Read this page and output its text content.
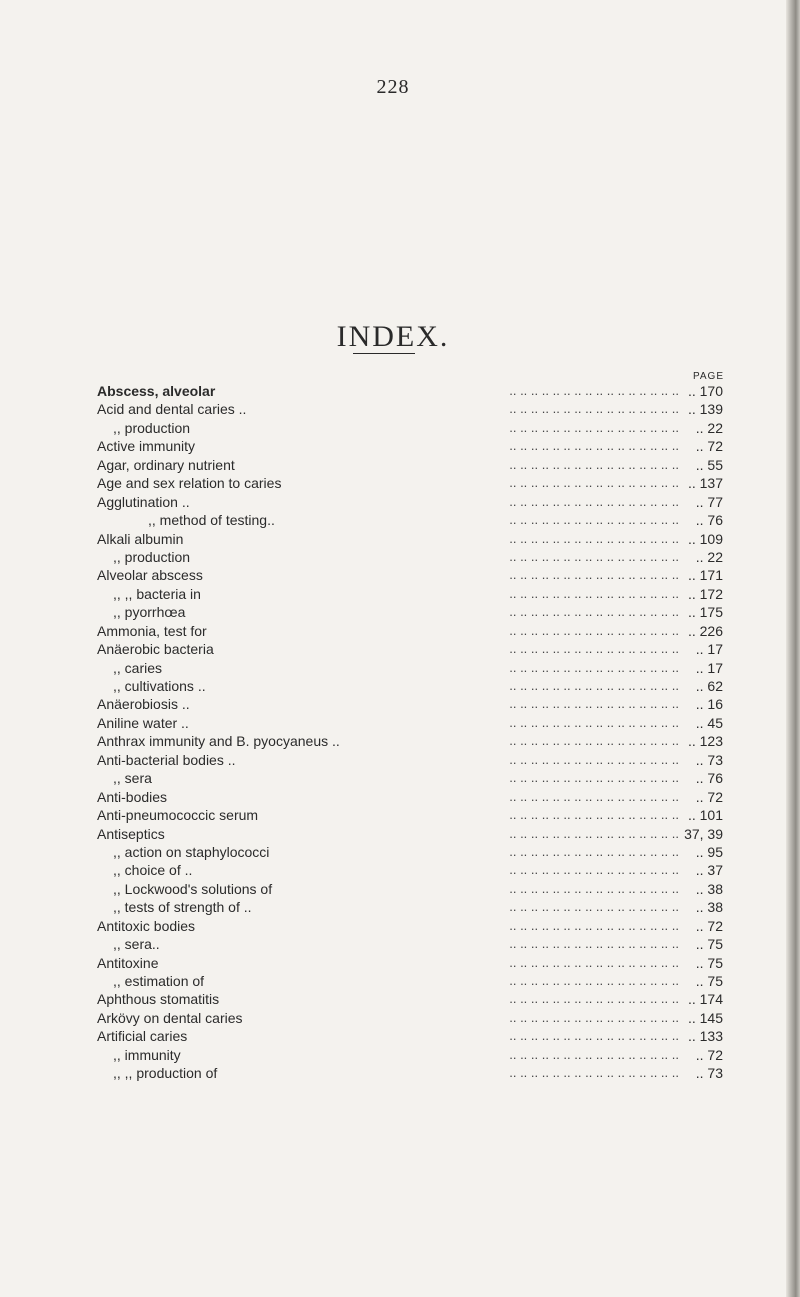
228
INDEX.
PAGE
.. .. .. .. .. .. .. .. .. .. .. .. .. .. .. ..
Abscess, alveolar	.. 170
.. .. .. .. .. .. .. .. .. .. .. .. .. .. .. ..
Acid and dental caries ..	.. 139
.. .. .. .. .. .. .. .. .. .. .. .. .. .. .. ..
,, production	.. 22
.. .. .. .. .. .. .. .. .. .. .. .. .. .. .. ..
Active immunity	.. 72
.. .. .. .. .. .. .. .. .. .. .. .. .. .. .. ..
Agar, ordinary nutrient	.. 55
.. .. .. .. .. .. .. .. .. .. .. .. .. .. .. ..
Age and sex relation to caries	.. 137
.. .. .. .. .. .. .. .. .. .. .. .. .. .. .. ..
Agglutination ..	.. 77
.. .. .. .. .. .. .. .. .. .. .. .. .. .. .. ..
,, method of testing..	.. 76
.. .. .. .. .. .. .. .. .. .. .. .. .. .. .. ..
Alkali albumin	.. 109
.. .. .. .. .. .. .. .. .. .. .. .. .. .. .. ..
,, production	.. 22
.. .. .. .. .. .. .. .. .. .. .. .. .. .. .. ..
Alveolar abscess	.. 171
.. .. .. .. .. .. .. .. .. .. .. .. .. .. .. ..
,, ,, bacteria in	.. 172
.. .. .. .. .. .. .. .. .. .. .. .. .. .. .. ..
,, pyorrhœa	.. 175
.. .. .. .. .. .. .. .. .. .. .. .. .. .. .. ..
Ammonia, test for	.. 226
.. .. .. .. .. .. .. .. .. .. .. .. .. .. .. ..
Anäerobic bacteria	.. 17
.. .. .. .. .. .. .. .. .. .. .. .. .. .. .. ..
,, caries	.. 17
.. .. .. .. .. .. .. .. .. .. .. .. .. .. .. ..
,, cultivations ..	.. 62
.. .. .. .. .. .. .. .. .. .. .. .. .. .. .. ..
Anäerobiosis ..	.. 16
.. .. .. .. .. .. .. .. .. .. .. .. .. .. .. ..
Aniline water ..	.. 45
.. .. .. .. .. .. .. .. .. .. .. .. .. .. .. ..
Anthrax immunity and B. pyocyaneus ..	.. 123
.. .. .. .. .. .. .. .. .. .. .. .. .. .. .. ..
Anti-bacterial bodies ..	.. 73
.. .. .. .. .. .. .. .. .. .. .. .. .. .. .. ..
,, sera	.. 76
.. .. .. .. .. .. .. .. .. .. .. .. .. .. .. ..
Anti-bodies	.. 72
.. .. .. .. .. .. .. .. .. .. .. .. .. .. .. ..
Anti-pneumococcic serum	.. 101
.. .. .. .. .. .. .. .. .. .. .. .. .. .. .. ..
Antiseptics	37, 39
.. .. .. .. .. .. .. .. .. .. .. .. .. .. .. ..
,, action on staphylococci	.. 95
.. .. .. .. .. .. .. .. .. .. .. .. .. .. .. ..
,, choice of ..	.. 37
.. .. .. .. .. .. .. .. .. .. .. .. .. .. .. ..
,, Lockwood's solutions of	.. 38
.. .. .. .. .. .. .. .. .. .. .. .. .. .. .. ..
,, tests of strength of ..	.. 38
.. .. .. .. .. .. .. .. .. .. .. .. .. .. .. ..
Antitoxic bodies	.. 72
.. .. .. .. .. .. .. .. .. .. .. .. .. .. .. ..
,, sera..	.. 75
.. .. .. .. .. .. .. .. .. .. .. .. .. .. .. ..
Antitoxine	.. 75
.. .. .. .. .. .. .. .. .. .. .. .. .. .. .. ..
,, estimation of	.. 75
.. .. .. .. .. .. .. .. .. .. .. .. .. .. .. ..
Aphthous stomatitis	.. 174
.. .. .. .. .. .. .. .. .. .. .. .. .. .. .. ..
Arkövy on dental caries	.. 145
.. .. .. .. .. .. .. .. .. .. .. .. .. .. .. ..
Artificial caries	.. 133
.. .. .. .. .. .. .. .. .. .. .. .. .. .. .. ..
,, immunity	.. 72
.. .. .. .. .. .. .. .. .. .. .. .. .. .. .. ..
,, ,, production of	.. 73
